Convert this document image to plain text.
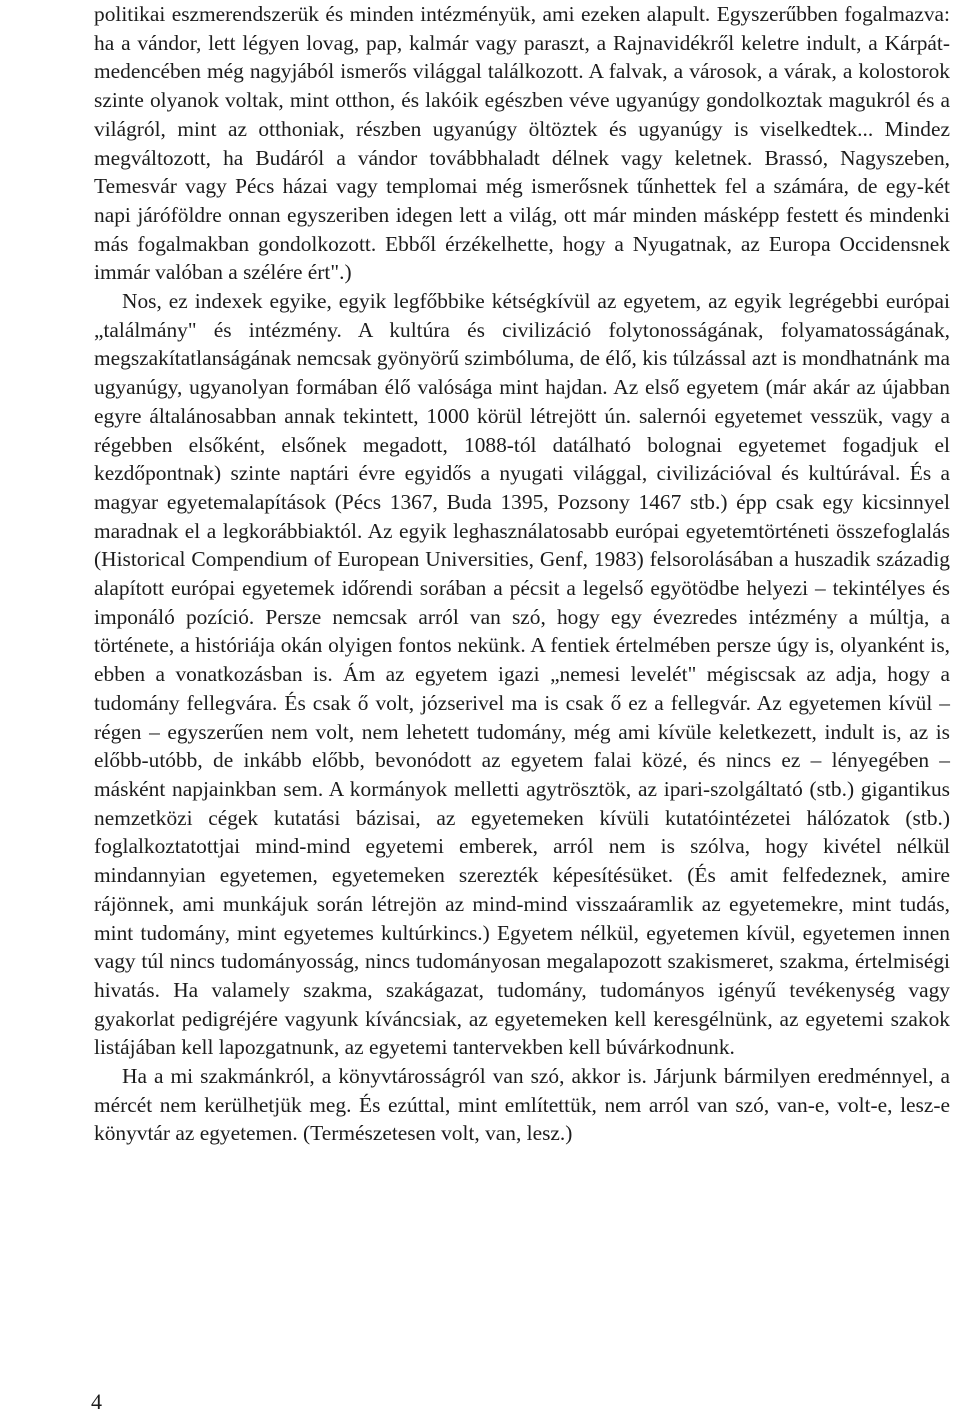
politikai eszmerendszerük és minden intézményük, ami ezeken alapult. Egyszerűbben fogalmazva: ha a vándor, lett légyen lovag, pap, kalmár vagy paraszt, a Rajnavidékről keletre indult, a Kárpát-medencében még nagyjából ismerős világgal találkozott. A falvak, a városok, a várak, a kolostorok szinte olyanok voltak, mint otthon, és lakóik egészben véve ugyanúgy gondolkoztak magukról és a világról, mint az otthoniak, részben ugyanúgy öltöztek és ugyanúgy is viselkedtek... Mindez megváltozott, ha Budáról a vándor továbbhaladt délnek vagy keletnek. Brassó, Nagyszeben, Temesvár vagy Pécs házai vagy templomai még ismerősnek tűnhettek fel a számára, de egy-két napi járóföldre onnan egyszeriben idegen lett a világ, ott már minden másképp festett és mindenki más fogalmakban gondolkozott. Ebből érzékelhette, hogy a Nyugatnak, az Europa Occidensnek immár valóban a szélére ért".)

Nos, ez indexek egyike, egyik legfőbbike kétségkívül az egyetem, az egyik legrégebbi európai „találmány" és intézmény. A kultúra és civilizáció folytonosságának, folyamatosságának, megszakítatlanságának nemcsak gyönyörű szimbóluma, de élő, kis túlzással azt is mondhatnánk ma ugyanúgy, ugyanolyan formában élő valósága mint hajdan. Az első egyetem (már akár az újabban egyre általánosabban annak tekintett, 1000 körül létrejött ún. salernói egyetemet vesszük, vagy a régebben elsőként, elsőnek megadott, 1088-tól datálható bolognai egyetemet fogadjuk el kezdőpontnak) szinte naptári évre egyidős a nyugati világgal, civilizációval és kultúrával. És a magyar egyetemalapítások (Pécs 1367, Buda 1395, Pozsony 1467 stb.) épp csak egy kicsinnyel maradnak el a legkorábbiaktól. Az egyik leghasználatosabb európai egyetemtörténeti összefoglalás (Historical Compendium of European Universities, Genf, 1983) felsorolásában a huszadik századig alapított európai egyetemek időrendi sorában a pécsit a legelső egyötödbe helyezi – tekintélyes és imponáló pozíció. Persze nemcsak arról van szó, hogy egy évezredes intézmény a múltja, a története, a históriája okán olyigen fontos nekünk. A fentiek értelmében persze úgy is, olyanként is, ebben a vonatkozásban is. Ám az egyetem igazi „nemesi levelét" mégiscsak az adja, hogy a tudomány fellegvára. És csak ő volt, józserivel ma is csak ő ez a fellegvár. Az egyetemen kívül – régen – egyszerűen nem volt, nem lehetett tudomány, még ami kívüle keletkezett, indult is, az is előbb-utóbb, de inkább előbb, bevonódott az egyetem falai közé, és nincs ez – lényegében – másként napjainkban sem. A kormányok melletti agytrösztök, az ipari-szolgáltató (stb.) gigantikus nemzetközi cégek kutatási bázisai, az egyetemeken kívüli kutatóintézetei hálózatok (stb.) foglalkoztatottjai mind-mind egyetemi emberek, arról nem is szólva, hogy kivétel nélkül mindannyian egyetemen, egyetemeken szerezték képesítésüket. (És amit felfedeznek, amire rájönnek, ami munkájuk során létrejön az mind-mind visszaáramlik az egyetemekre, mint tudás, mint tudomány, mint egyetemes kultúrkincs.) Egyetem nélkül, egyetemen kívül, egyetemen innen vagy túl nincs tudományosság, nincs tudományosan megalapozott szakismeret, szakma, értelmiségi hivatás. Ha valamely szakma, szakágazat, tudomány, tudományos igényű tevékenység vagy gyakorlat pedigréjére vagyunk kíváncsiak, az egyetemeken kell keresgélnünk, az egyetemi szakok listájában kell lapozgatnunk, az egyetemi tantervekben kell búvárkodnunk.

Ha a mi szakmánkról, a könyvtárosságról van szó, akkor is. Járjunk bármilyen eredménnyel, a mércét nem kerülhetjük meg. És ezúttal, mint említettük, nem arról van szó, van-e, volt-e, lesz-e könyvtár az egyetemen. (Természetesen volt, van, lesz.)

4
